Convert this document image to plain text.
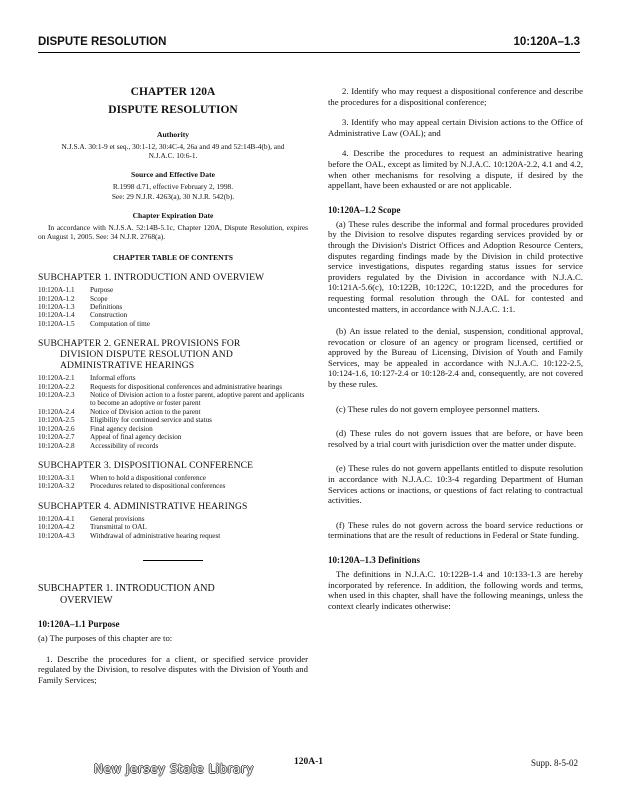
DISPUTE RESOLUTION	10:120A–1.3
CHAPTER 120A
DISPUTE RESOLUTION
Authority
N.J.S.A. 30:1-9 et seq., 30:1-12, 30:4C-4, 26a and 49 and 52:14B-4(b), and N.J.A.C. 10:6-1.
Source and Effective Date
R.1998 d.71, effective February 2, 1998.
See: 29 N.J.R. 4263(a), 30 N.J.R. 542(b).
Chapter Expiration Date
In accordance with N.J.S.A. 52:14B-5.1c, Chapter 120A, Dispute Resolution, expires on August 1, 2005. See: 34 N.J.R. 2768(a).
CHAPTER TABLE OF CONTENTS
SUBCHAPTER 1. INTRODUCTION AND OVERVIEW
10:120A-1.1	Purpose
10:120A-1.2	Scope
10:120A-1.3	Definitions
10:120A-1.4	Construction
10:120A-1.5	Computation of time
SUBCHAPTER 2. GENERAL PROVISIONS FOR
DIVISION DISPUTE RESOLUTION AND
ADMINISTRATIVE HEARINGS
10:120A-2.1	Informal efforts
10:120A-2.2	Requests for dispositional conferences and administrative hearings
10:120A-2.3	Notice of Division action to a foster parent, adoptive parent and applicants to become an adoptive or foster parent
10:120A-2.4	Notice of Division action to the parent
10:120A-2.5	Eligibility for continued service and status
10:120A-2.6	Final agency decision
10:120A-2.7	Appeal of final agency decision
10:120A-2.8	Accessibility of records
SUBCHAPTER 3. DISPOSITIONAL CONFERENCE
10:120A-3.1	When to hold a dispositional conference
10:120A-3.2	Procedures related to dispositional conferences
SUBCHAPTER 4. ADMINISTRATIVE HEARINGS
10:120A-4.1	General provisions
10:120A-4.2	Transmittal to OAL
10:120A-4.3	Withdrawal of administrative hearing request
SUBCHAPTER 1. INTRODUCTION AND
OVERVIEW
10:120A–1.1 Purpose

(a) The purposes of this chapter are to:

1. Describe the procedures for a client, or specified service provider regulated by the Division, to resolve disputes with the Division of Youth and Family Services;

2. Identify who may request a dispositional conference and describe the procedures for a dispositional conference;

3. Identify who may appeal certain Division actions to the Office of Administrative Law (OAL); and

4. Describe the procedures to request an administrative hearing before the OAL, except as limited by N.J.A.C. 10:120A-2.2, 4.1 and 4.2, when other mechanisms for resolving a dispute, if desired by the appellant, have been exhausted or are not applicable.

10:120A–1.2 Scope

(a) These rules describe the informal and formal procedures provided by the Division to resolve disputes regarding services provided by or through the Division's District Offices and Adoption Resource Centers, disputes regarding findings made by the Division in child protective service investigations, disputes regarding status issues for service providers regulated by the Division in accordance with N.J.A.C. 10:121A-5.6(c), 10:122B, 10:122C, 10:122D, and the procedures for requesting formal resolution through the OAL for contested and uncontested matters, in accordance with N.J.A.C. 1:1.

(b) An issue related to the denial, suspension, conditional approval, revocation or closure of an agency or program licensed, certified or approved by the Bureau of Licensing, Division of Youth and Family Services, may be appealed in accordance with N.J.A.C. 10:122-2.5, 10:124-1.6, 10:127-2.4 or 10:128-2.4 and, consequently, are not covered by these rules.

(c) These rules do not govern employee personnel matters.

(d) These rules do not govern issues that are before, or have been resolved by a trial court with jurisdiction over the matter under dispute.

(e) These rules do not govern appellants entitled to dispute resolution in accordance with N.J.A.C. 10:3-4 regarding Department of Human Services actions or inactions, or questions of fact relating to contractual activities.

(f) These rules do not govern across the board service reductions or terminations that are the result of reductions in Federal or State funding.

10:120A–1.3 Definitions

The definitions in N.J.A.C. 10:122B-1.4 and 10:133-1.3 are hereby incorporated by reference. In addition, the following words and terms, when used in this chapter, shall have the following meanings, unless the context clearly indicates otherwise:

New Jersey State Library	120A-1	Supp. 8-5-02
